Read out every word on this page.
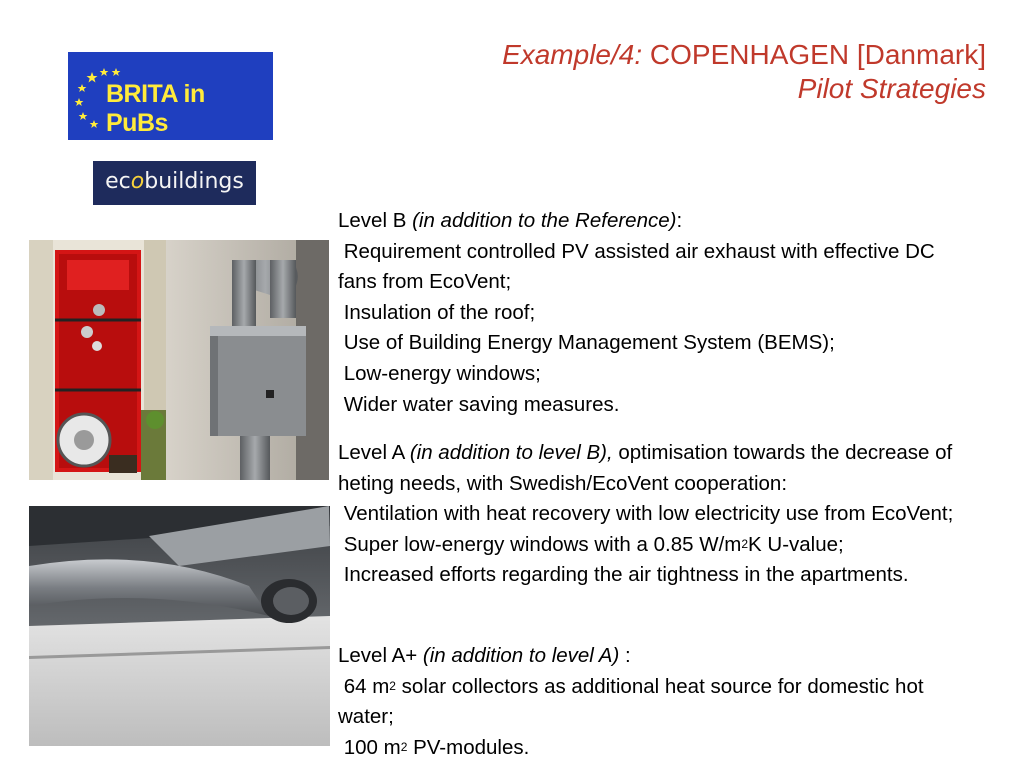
Example/4: COPENHAGEN [Danmark]
Pilot Strategies
BRITA in PuBs
ecobuildings
Level B (in addition to the Reference):
Requirement controlled PV assisted air exhaust with effective DC fans from EcoVent;
Insulation of the roof;
Use of Building Energy Management System (BEMS);
Low-energy windows;
Wider water saving measures.
Level A (in addition to level B), optimisation towards the decrease of heting needs, with Swedish/EcoVent cooperation:
Ventilation with heat recovery with low electricity use from EcoVent;
Super low-energy windows with a 0.85 $W/m^2K$ U-value;
Increased efforts regarding the air tightness in the apartments.
Level A+ (in addition to level A) :
64 $m^2$ solar collectors as additional heat source for domestic hot water;
100 $m^2$ PV-modules.
